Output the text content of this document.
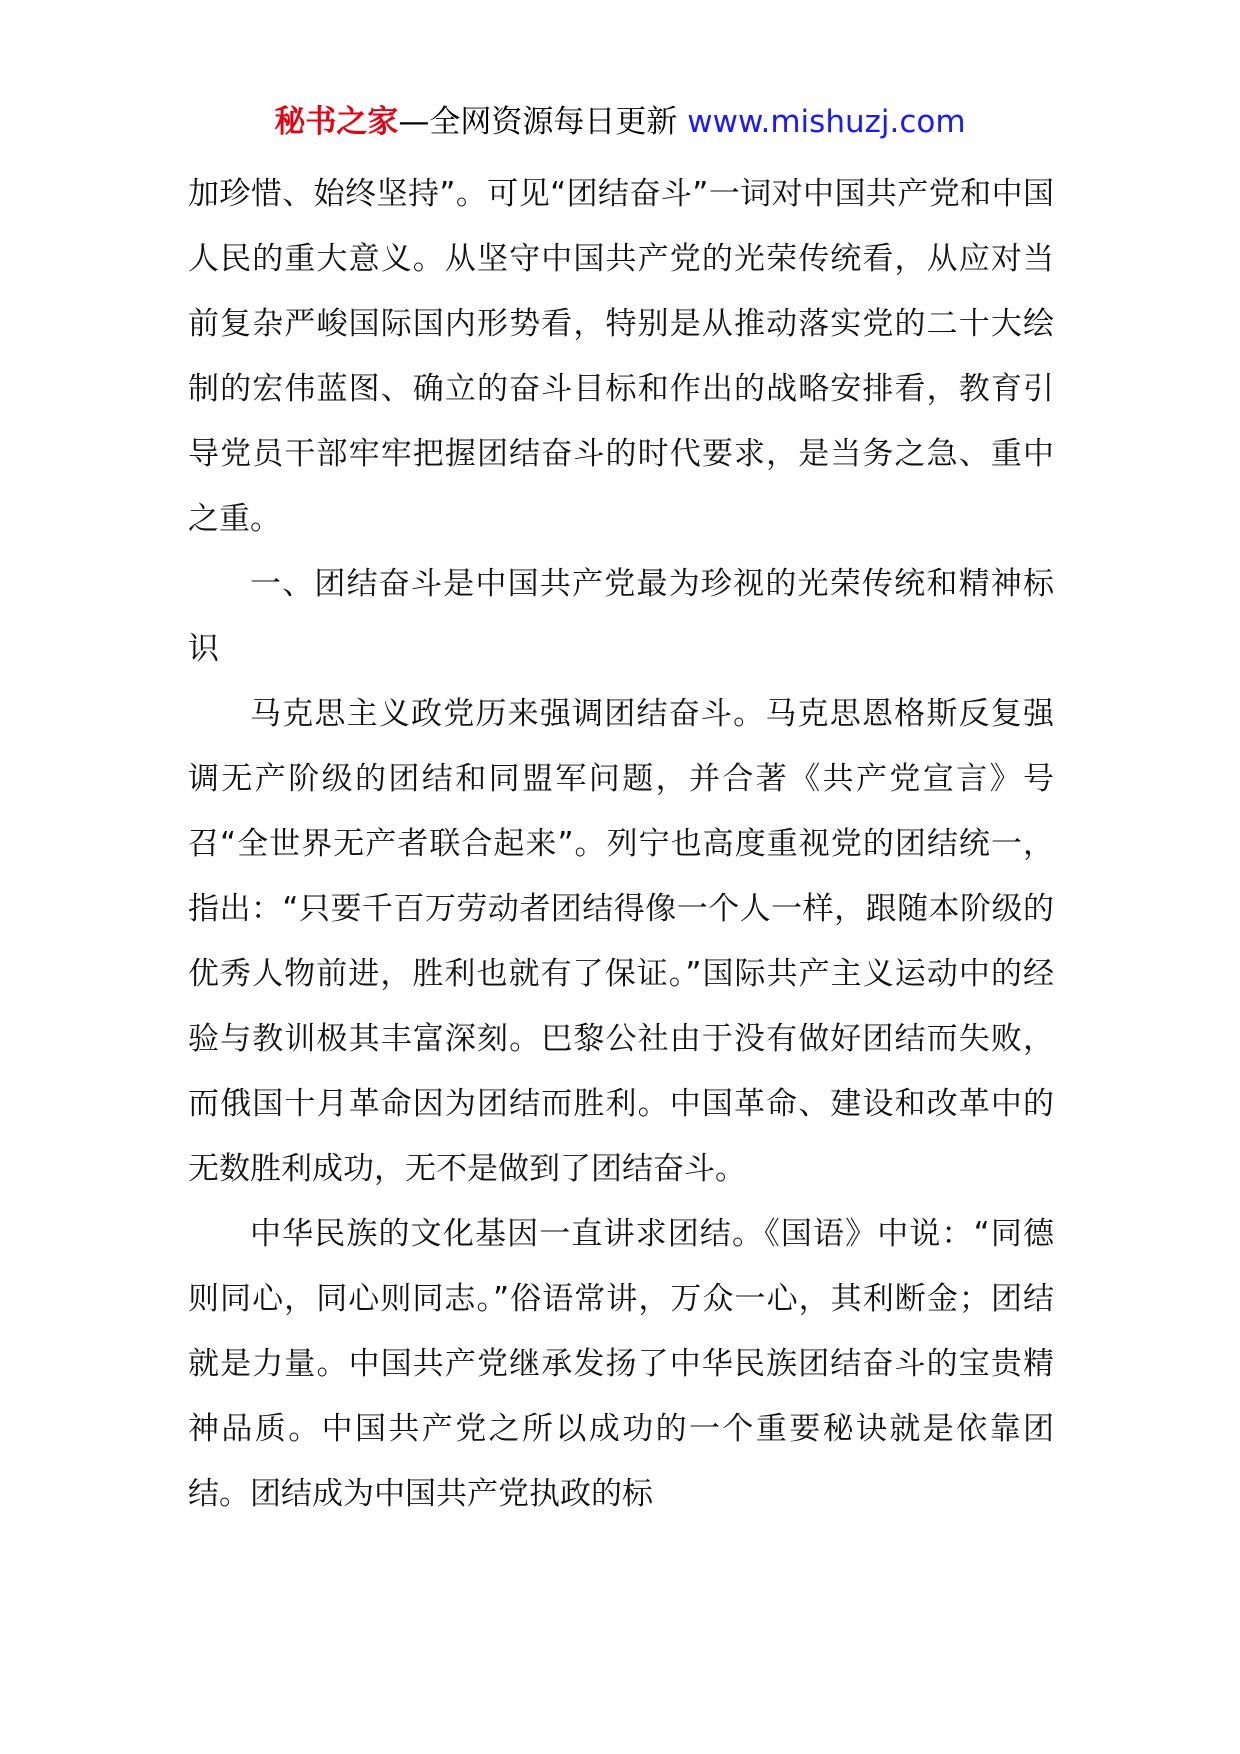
秘书之家—全网资源每日更新 www.mishuzj.com

加珍惜、始终坚持”。可见“团结奋斗”一词对中国共产党和中国人民的重大意义。从坚守中国共产党的光荣传统看，从应对当前复杂严峻国际国内形势看，特别是从推动落实党的二十大绘制的宏伟蓝图、确立的奋斗目标和作出的战略安排看，教育引导党员干部牢牢把握团结奋斗的时代要求，是当务之急、重中之重。

一、团结奋斗是中国共产党最为珍视的光荣传统和精神标识

马克思主义政党历来强调团结奋斗。马克思恩格斯反复强调无产阶级的团结和同盟军问题，并合著《共产党宣言》号召“全世界无产者联合起来”。列宁也高度重视党的团结统一，指出：“只要千百万劳动者团结得像一个人一样，跟随本阶级的优秀人物前进，胜利也就有了保证。”国际共产主义运动中的经验与教训极其丰富深刻。巴黎公社由于没有做好团结而失败，而俄国十月革命因为团结而胜利。中国革命、建设和改革中的无数胜利成功，无不是做到了团结奋斗。

中华民族的文化基因一直讲求团结。《国语》中说：“同德则同心，同心则同志。”俗语常讲，万众一心，其利断金；团结就是力量。中国共产党继承发扬了中华民族团结奋斗的宝贵精神品质。中国共产党之所以成功的一个重要秘诀就是依靠团结。团结成为中国共产党执政的标
